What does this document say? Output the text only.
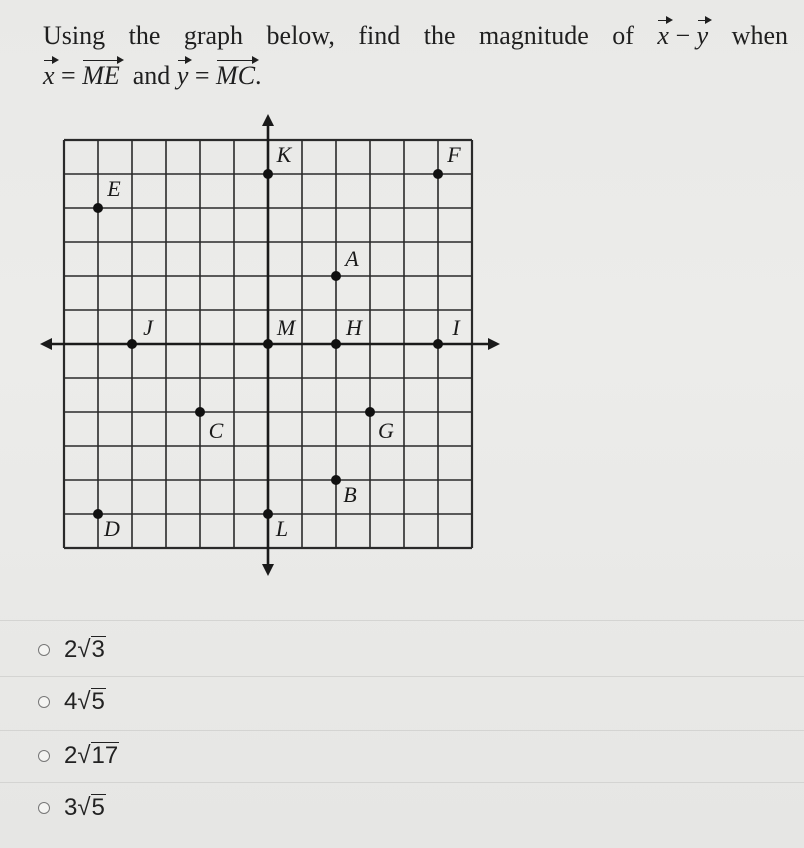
Using the graph below, find the magnitude of x − y when
x = ME and y = MC.
K	F
E
A
J	M H	I
C	G
B
D	L
2 √ 3
4 √ 5
2 √ 17
3 √ 5
